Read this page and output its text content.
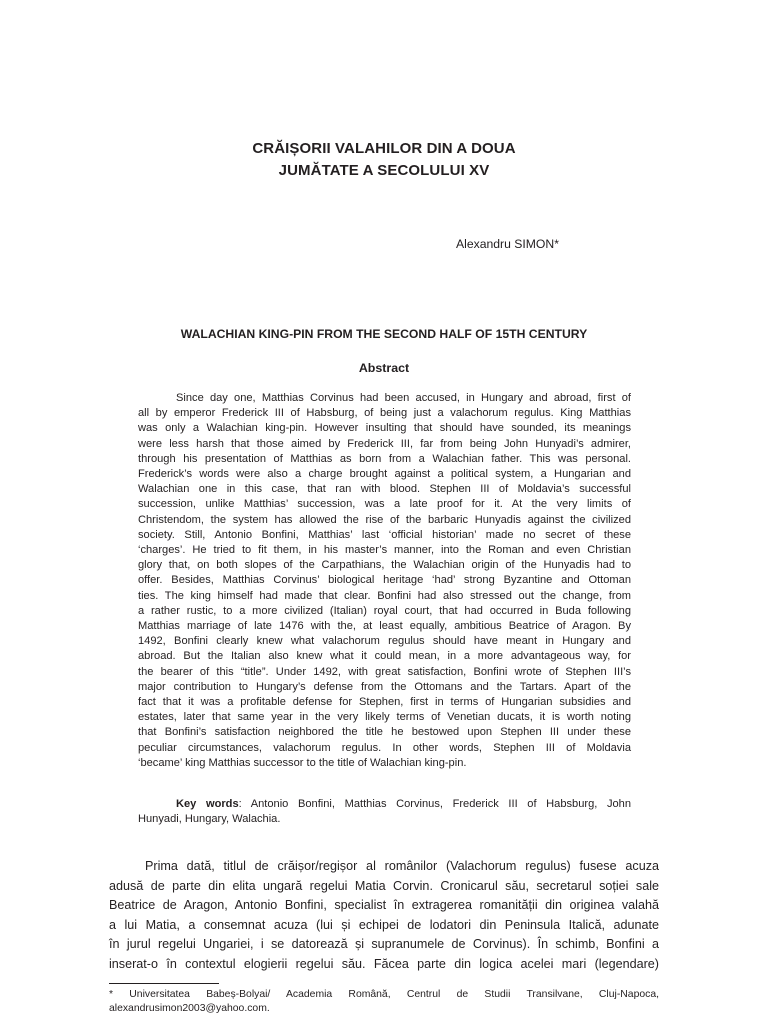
CRĂIȘORII VALAHILOR DIN A DOUA
JUMĂTATE A SECOLULUI XV
Alexandru SIMON*
WALACHIAN KING-PIN FROM THE SECOND HALF OF 15TH CENTURY
Abstract
Since day one, Matthias Corvinus had been accused, in Hungary and abroad, first of
all by emperor Frederick III of Habsburg, of being just a valachorum regulus. King Matthias
was only a Walachian king-pin. However insulting that should have sounded, its meanings
were less harsh that those aimed by Frederick III, far from being John Hunyadi’s admirer,
through his presentation of Matthias as born from a Walachian father. This was personal.
Frederick’s words were also a charge brought against a political system, a Hungarian and
Walachian one in this case, that ran with blood. Stephen III of Moldavia’s successful
succession, unlike Matthias’ succession, was a late proof for it. At the very limits of
Christendom, the system has allowed the rise of the barbaric Hunyadis against the civilized
society. Still, Antonio Bonfini, Matthias’ last ‘official historian’ made no secret of these
‘charges’. He tried to fit them, in his master’s manner, into the Roman and even Christian
glory that, on both slopes of the Carpathians, the Walachian origin of the Hunyadis had to
offer. Besides, Matthias Corvinus’ biological heritage ‘had’ strong Byzantine and Ottoman
ties. The king himself had made that clear. Bonfini had also stressed out the change, from
a rather rustic, to a more civilized (Italian) royal court, that had occurred in Buda following
Matthias marriage of late 1476 with the, at least equally, ambitious Beatrice of Aragon. By
1492, Bonfini clearly knew what valachorum regulus should have meant in Hungary and
abroad. But the Italian also knew what it could mean, in a more advantageous way, for
the bearer of this “title”. Under 1492, with great satisfaction, Bonfini wrote of Stephen III’s
major contribution to Hungary’s defense from the Ottomans and the Tartars. Apart of the
fact that it was a profitable defense for Stephen, first in terms of Hungarian subsidies and
estates, later that same year in the very likely terms of Venetian ducats, it is worth noting
that Bonfini’s satisfaction neighbored the title he bestowed upon Stephen III under these
peculiar circumstances, valachorum regulus. In other words, Stephen III of Moldavia
‘became’ king Matthias successor to the title of Walachian king-pin.
Key words: Antonio Bonfini, Matthias Corvinus, Frederick III of Habsburg, John
Hunyadi, Hungary, Walachia.
Prima dată, titlul de crăișor/regișor al românilor (Valachorum regulus) fusese acuza
adusă de parte din elita ungară regelui Matia Corvin. Cronicarul său, secretarul soției sale
Beatrice de Aragon, Antonio Bonfini, specialist în extragerea romanității din originea valahă
a lui Matia, a consemnat acuza (lui și echipei de lodatori din Peninsula Italică, adunate
în jurul regelui Ungariei, i se datorează și supranumele de Corvinus). În schimb, Bonfini a
inserat-o în contextul elogierii regelui său. Făcea parte din logica acelei mari (legendare)
* Universitatea Babeș-Bolyai/ Academia Română, Centrul de Studii Transilvane, Cluj-Napoca,
alexandrusimon2003@yahoo.com.
